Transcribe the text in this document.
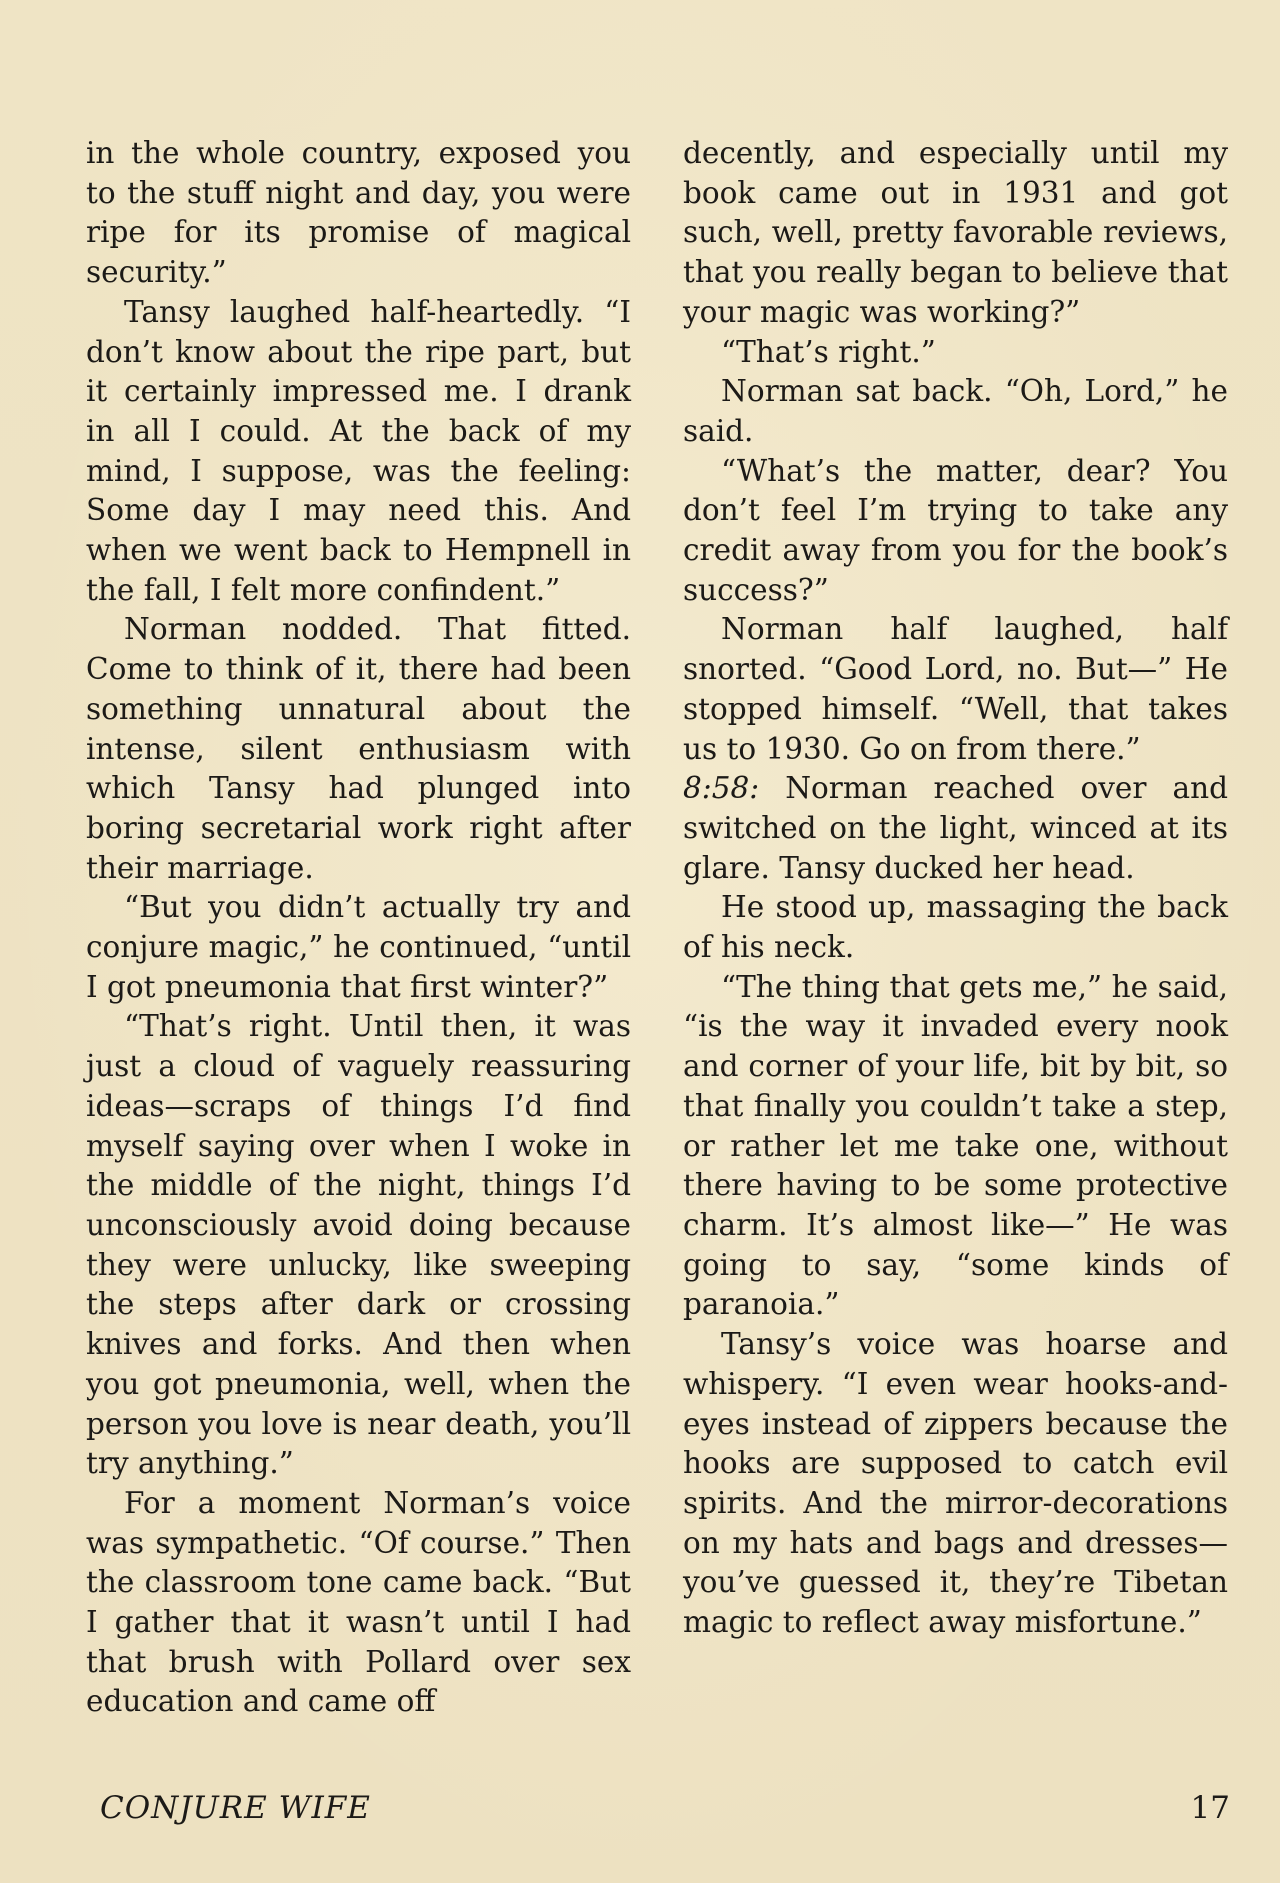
in the whole country, exposed you to the stuff night and day, you were ripe for its promise of magical security.”

Tansy laughed half-heartedly. “I don’t know about the ripe part, but it certainly impressed me. I drank in all I could. At the back of my mind, I suppose, was the feeling: Some day I may need this. And when we went back to Hempnell in the fall, I felt more confindent.”

Norman nodded. That fitted. Come to think of it, there had been something unnatural about the intense, silent enthusiasm with which Tansy had plunged into boring secretarial work right after their marriage.

“But you didn’t actually try and conjure magic,” he continued, “until I got pneumonia that first winter?”

“That’s right. Until then, it was just a cloud of vaguely reassuring ideas—scraps of things I’d find myself saying over when I woke in the middle of the night, things I’d unconsciously avoid doing because they were unlucky, like sweeping the steps after dark or crossing knives and forks. And then when you got pneumonia, well, when the person you love is near death, you’ll try anything.”

For a moment Norman’s voice was sympathetic. “Of course.” Then the classroom tone came back. “But I gather that it wasn’t until I had that brush with Pollard over sex education and came off

decently, and especially until my book came out in 1931 and got such, well, pretty favorable reviews, that you really began to believe that your magic was working?”

“That’s right.”

Norman sat back. “Oh, Lord,” he said.

“What’s the matter, dear? You don’t feel I’m trying to take any credit away from you for the book’s success?”

Norman half laughed, half snorted. “Good Lord, no. But—” He stopped himself. “Well, that takes us to 1930. Go on from there.”

8:58: Norman reached over and switched on the light, winced at its glare. Tansy ducked her head.

He stood up, massaging the back of his neck.

“The thing that gets me,” he said, “is the way it invaded every nook and corner of your life, bit by bit, so that finally you couldn’t take a step, or rather let me take one, without there having to be some protective charm. It’s almost like—” He was going to say, “some kinds of paranoia.”

Tansy’s voice was hoarse and whispery. “I even wear hooks-and-eyes instead of zippers because the hooks are supposed to catch evil spirits. And the mirror-decorations on my hats and bags and dresses—you’ve guessed it, they’re Tibetan magic to reflect away misfortune.”

CONJURE WIFE	17
